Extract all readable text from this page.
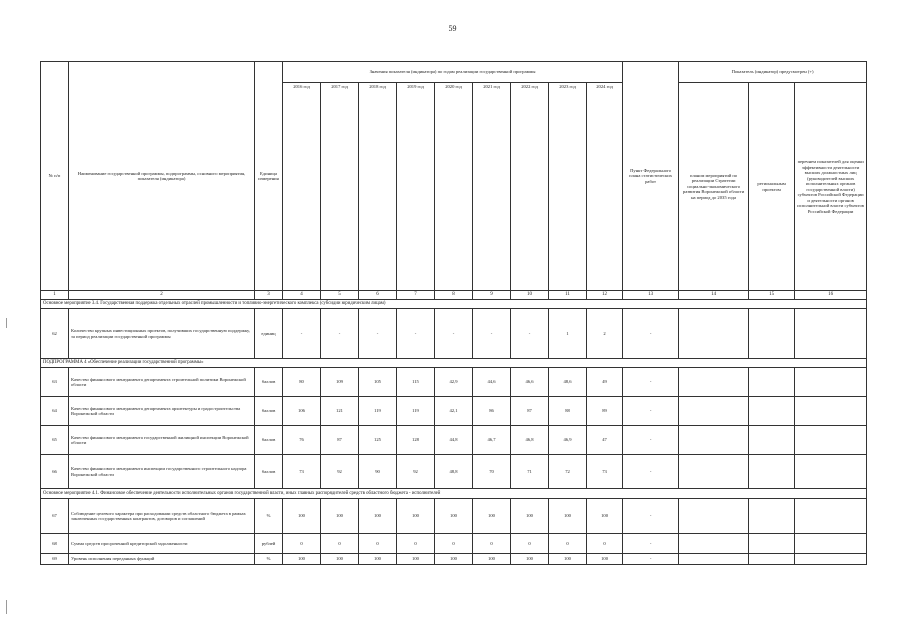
59
№ п/п	Наименование государственной программы, подпрограммы, основного мероприятия, показателя (индикатора)	Единица измерения	Значения показателя (индикатора) по годам реализации государственной программы									Пункт Федерального плана статистических работ	Показатель (индикатор) предусмотрен (+)		
			2016 год	2017 год	2018 год	2019 год	2020 год	2021 год	2022 год	2023 год	2024 год		планом мероприятий по реализации Стратегии социально-экономического развития Воронежской области на период до 2035 года	региональным проектом	перечнем показателей для оценки эффективности деятельности высших должностных лиц (руководителей высших исполнительных органов государственной власти) субъектов Российской Федерации и деятельности органов исполнительной власти субъектов Российской Федерации

1	2	3	4	5	6	7	8	9	10	11	12	13	14	15	16
Основное мероприятие 3.4. Государственная поддержка отдельных отраслей промышленности и топливно-энергетического комплекса (субсидии юридическим лицам)															
62	Количество крупных инвестиционных проектов, получивших государственную поддержку, за период реализации государственной программы	единиц	-	-	-	-	-	-	-	1	2	-			
ПОДПРОГРАММА 4 «Обеспечение реализации государственной программы»															
63	Качество финансового менеджмента департамента строительной политики Воронежской области	баллов	80	109	105	115	42,9	44,6	46,6	48,6	49	-			
64	Качество финансового менеджмента департамента архитектуры и градостроительства Воронежской области	баллов	106	121	119	119	42,1	86	87	88	89	-			
65	Качество финансового менеджмента государственной жилищной инспекции Воронежской области	баллов	76	87	125	128	44,8	46,7	46,8	46,9	47	-			
66	Качество финансового менеджмента инспекции государственного строительного надзора Воронежской области	баллов	73	92	90	92	48,8	70	71	72	73	-			
Основное мероприятие 4.1. Финансовое обеспечение деятельности исполнительных органов государственной власти, иных главных распорядителей средств областного бюджета - исполнителей															
67	Соблюдение целевого характера при расходовании средств областного бюджета в рамках заключенных государственных контрактов, договоров и соглашений	%	100	100	100	100	100	100	100	100	100	-			
68	Сумма средств просроченной кредиторской задолженности	рублей	0	0	0	0	0	0	0	0	0	-			
69	Уровень исполнения переданных функций	%	100	100	100	100	100	100	100	100	100	-			
